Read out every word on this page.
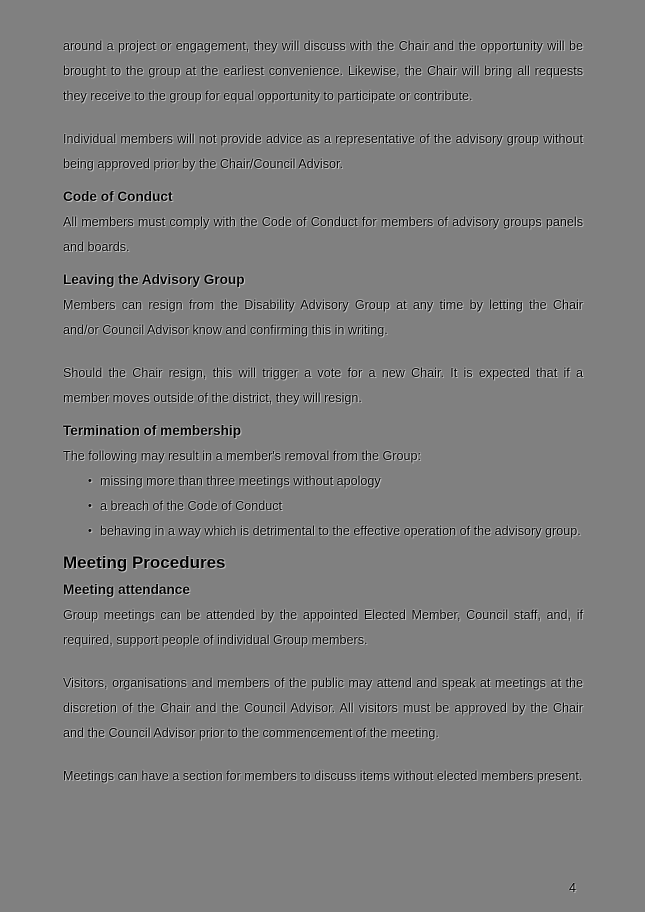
around a project or engagement, they will discuss with the Chair and the opportunity will be brought to the group at the earliest convenience. Likewise, the Chair will bring all requests they receive to the group for equal opportunity to participate or contribute.

Individual members will not provide advice as a representative of the advisory group without being approved prior by the Chair/Council Advisor.

Code of Conduct

All members must comply with the Code of Conduct for members of advisory groups panels and boards.

Leaving the Advisory Group

Members can resign from the Disability Advisory Group at any time by letting the Chair and/or Council Advisor know and confirming this in writing.

Should the Chair resign, this will trigger a vote for a new Chair. It is expected that if a member moves outside of the district, they will resign.

Termination of membership

The following may result in a member's removal from the Group:

• missing more than three meetings without apology
• a breach of the Code of Conduct
• behaving in a way which is detrimental to the effective operation of the advisory group.
Meeting Procedures
Meeting attendance

Group meetings can be attended by the appointed Elected Member, Council staff, and, if required, support people of individual Group members.

Visitors, organisations and members of the public may attend and speak at meetings at the discretion of the Chair and the Council Advisor. All visitors must be approved by the Chair and the Council Advisor prior to the commencement of the meeting.

Meetings can have a section for members to discuss items without elected members present.

4
